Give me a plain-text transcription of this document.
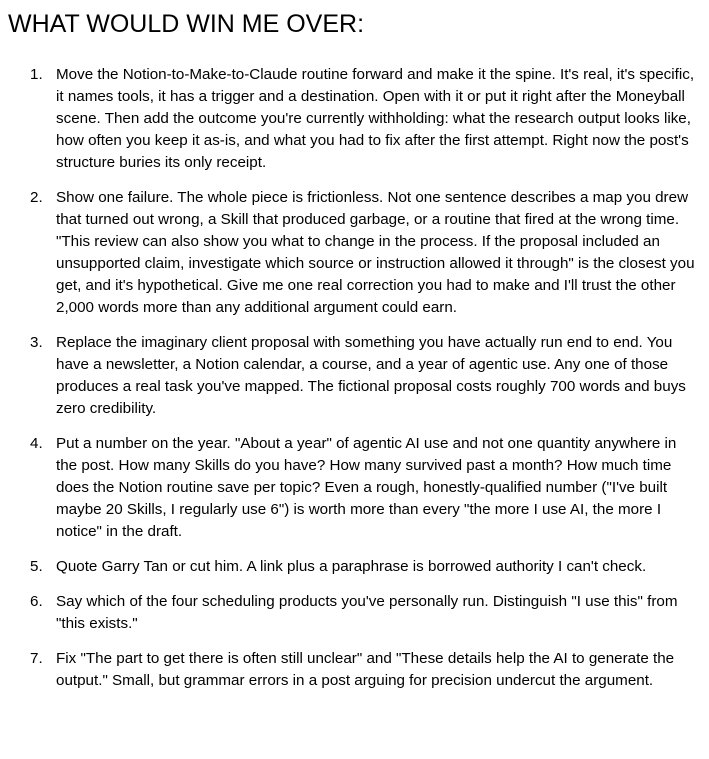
WHAT WOULD WIN ME OVER:
1. Move the Notion-to-Make-to-Claude routine forward and make it the spine. It's real, it's specific, it names tools, it has a trigger and a destination. Open with it or put it right after the Moneyball scene. Then add the outcome you're currently withholding: what the research output looks like, how often you keep it as-is, and what you had to fix after the first attempt. Right now the post's structure buries its only receipt.
2. Show one failure. The whole piece is frictionless. Not one sentence describes a map you drew that turned out wrong, a Skill that produced garbage, or a routine that fired at the wrong time. "This review can also show you what to change in the process. If the proposal included an unsupported claim, investigate which source or instruction allowed it through" is the closest you get, and it's hypothetical. Give me one real correction you had to make and I'll trust the other 2,000 words more than any additional argument could earn.
3. Replace the imaginary client proposal with something you have actually run end to end. You have a newsletter, a Notion calendar, a course, and a year of agentic use. Any one of those produces a real task you've mapped. The fictional proposal costs roughly 700 words and buys zero credibility.
4. Put a number on the year. "About a year" of agentic AI use and not one quantity anywhere in the post. How many Skills do you have? How many survived past a month? How much time does the Notion routine save per topic? Even a rough, honestly-qualified number ("I've built maybe 20 Skills, I regularly use 6") is worth more than every "the more I use AI, the more I notice" in the draft.
5. Quote Garry Tan or cut him. A link plus a paraphrase is borrowed authority I can't check.
6. Say which of the four scheduling products you've personally run. Distinguish "I use this" from "this exists."
7. Fix "The part to get there is often still unclear" and "These details help the AI to generate the output." Small, but grammar errors in a post arguing for precision undercut the argument.
